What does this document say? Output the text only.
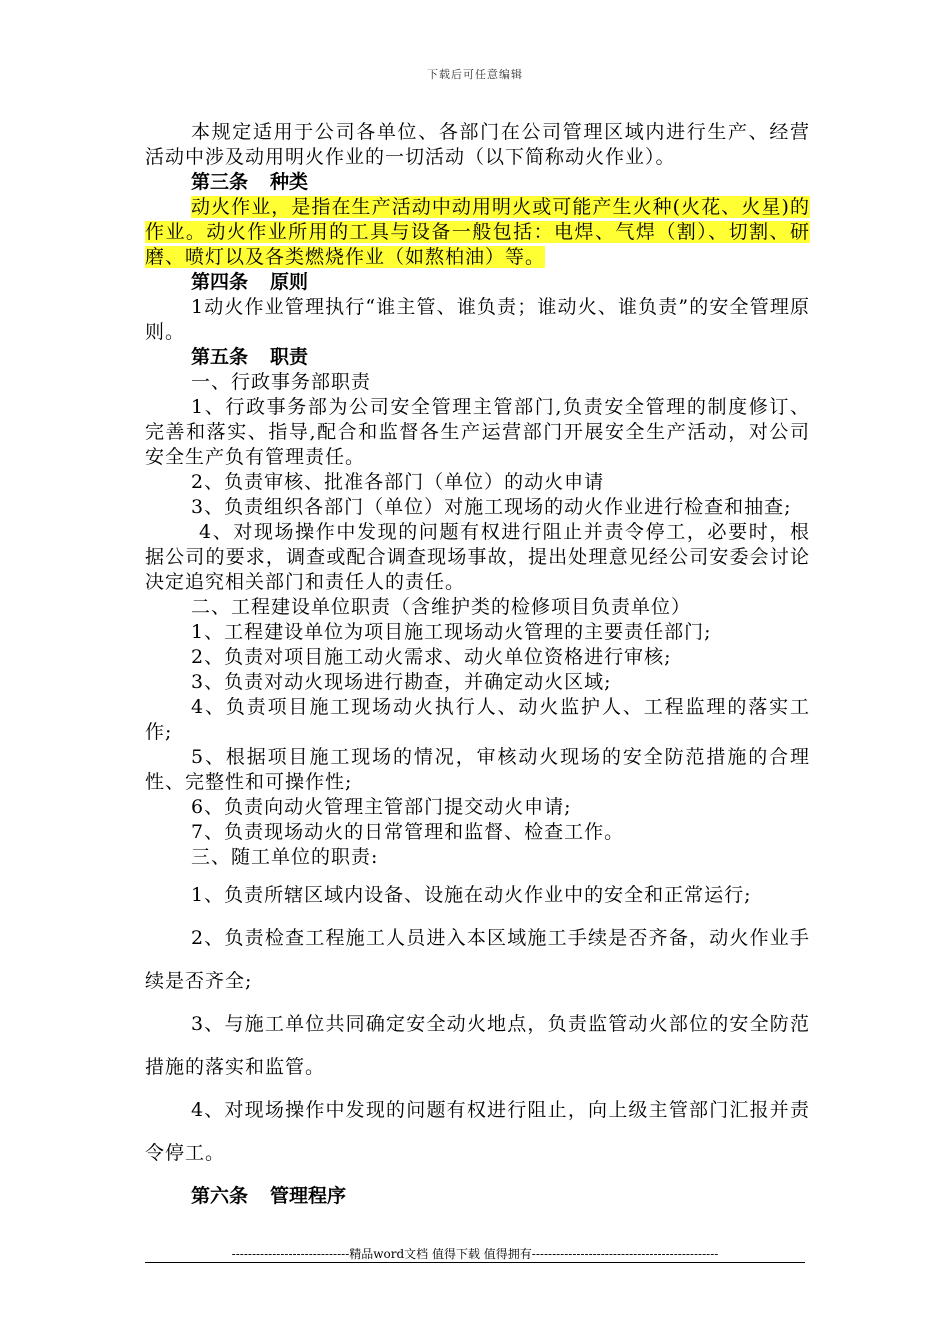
下载后可任意编辑

本规定适用于公司各单位、各部门在公司管理区域内进行生产、经营活动中涉及动用明火作业的一切活动（以下简称动火作业）。

第三条 种类

动火作业，是指在生产活动中动用明火或可能产生火种(火花、火星)的作业。动火作业所用的工具与设备一般包括：电焊、气焊（割）、切割、研磨、喷灯以及各类燃烧作业（如熬柏油）等。

第四条 原则

1动火作业管理执行“谁主管、谁负责；谁动火、谁负责”的安全管理原则。

第五条 职责

一、行政事务部职责

1、行政事务部为公司安全管理主管部门,负责安全管理的制度修订、完善和落实、指导,配合和监督各生产运营部门开展安全生产活动，对公司安全生产负有管理责任。

2、负责审核、批准各部门（单位）的动火申请

3、负责组织各部门（单位）对施工现场的动火作业进行检查和抽查;

4、对现场操作中发现的问题有权进行阻止并责令停工，必要时，根据公司的要求，调查或配合调查现场事故，提出处理意见经公司安委会讨论决定追究相关部门和责任人的责任。

二、工程建设单位职责（含维护类的检修项目负责单位）

1、工程建设单位为项目施工现场动火管理的主要责任部门;

2、负责对项目施工动火需求、动火单位资格进行审核;

3、负责对动火现场进行勘查，并确定动火区域;

4、负责项目施工现场动火执行人、动火监护人、工程监理的落实工作;

5、根据项目施工现场的情况，审核动火现场的安全防范措施的合理性、完整性和可操作性;

6、负责向动火管理主管部门提交动火申请;

7、负责现场动火的日常管理和监督、检查工作。

三、随工单位的职责:

1、负责所辖区域内设备、设施在动火作业中的安全和正常运行;

2、负责检查工程施工人员进入本区域施工手续是否齐备，动火作业手续是否齐全;

3、与施工单位共同确定安全动火地点，负责监管动火部位的安全防范措施的落实和监管。

4、对现场操作中发现的问题有权进行阻止，向上级主管部门汇报并责令停工。

第六条 管理程序

-----------------------------精品word文档 值得下载 值得拥有----------------------------------------------
